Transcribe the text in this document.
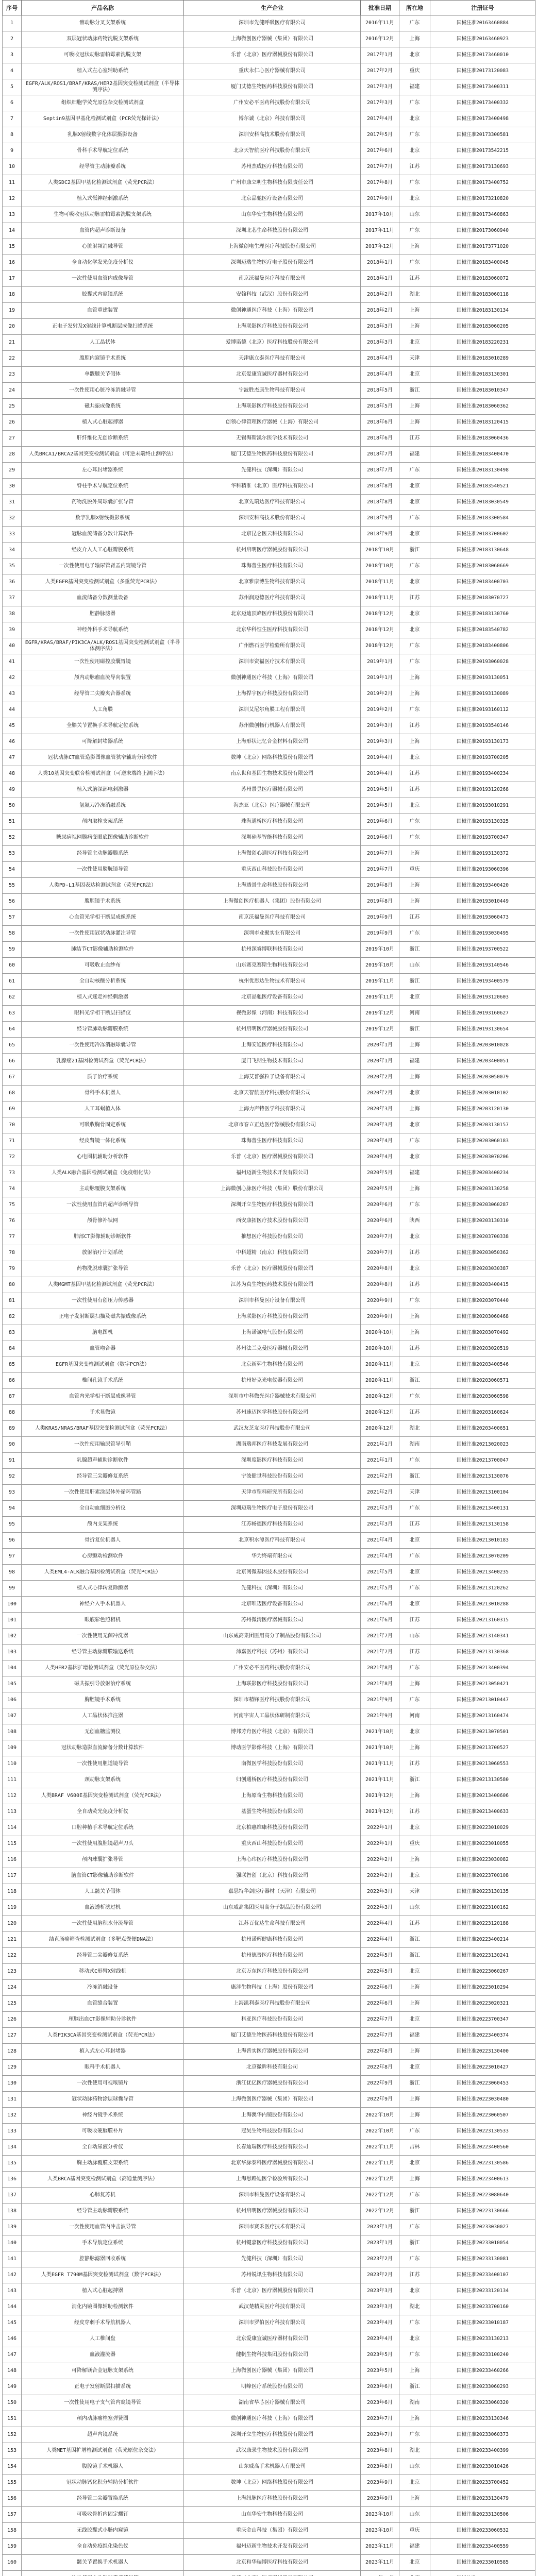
序号	产品名称	生产企业	批准日期	所在地	注册证号
1	髂动脉分叉支架系统	深圳市先健呼吸医疗有限公司	2016年11月	广东	国械注准20163460884
2	双层冠状动脉药物洗脱支架系统	上海微创医疗器械（集团）有限公司	2016年12月	上海	国械注准20163460923
3	可吸收冠状动脉雷帕霉素洗脱支架	乐普（北京）医疗器械股份有限公司	2017年1月	北京	国械注准20173460010
4	植入式左心室辅助系统	重庆永仁心医疗器械有限公司	2017年2月	重庆	国械注准20173120083
5	EGFR/ALK/ROS1/BRAF/KRAS/HER2基因突变检测试剂盒（半导体测序法）	厦门艾德生物医药科技股份有限公司	2017年3月	福建	国械注准20173400311
6	组织细胞学荧光原位杂交检测试剂盒	广州安必平医药科技股份有限公司	2017年3月	广东	国械注准20173400332
7	Septin9基因甲基化检测试剂盒（PCR荧光探针法）	博尔诚（北京）科技有限公司	2017年4月	北京	国械注准20173400498
8	乳腺X射线数字化体层摄影设备	深圳安科高技术股份有限公司	2017年5月	广东	国械注准20173300581
9	骨科手术导航定位系统	北京天智航医疗科技股份有限公司	2017年6月	北京	国械注准20173542215
10	经导管主动脉瓣系统	苏州杰成医疗科技有限公司	2017年7月	江苏	国械注准20173130693
11	人类SDC2基因甲基化检测试剂盒（荧光PCR法）	广州市康立明生物科技有限责任公司	2017年8月	广东	国械注准20173400752
12	植入式骶神经刺激系统	北京品驰医疗设备有限公司	2017年9月	北京	国械注准20173210820
13	生物可吸收冠状动脉雷帕霉素洗脱支架系统	山东华安生物科技有限公司	2017年10月	山东	国械注准20173460863
14	血管内超声诊断设备	深圳北芯生命科技股份有限公司	2017年11月	广东	国械注准20173060940
15	心脏射频消融导管	上海微创电生理医疗科技股份有限公司	2017年12月	上海	国械注准20173771020
16	全自动化学发光免疫分析仪	深圳迈瑞生物医疗电子股份有限公司	2018年1月	广东	国械注准20183400045
17	一次性使用血管内成像导管	南京沃福曼医疗科技有限公司	2018年1月	江苏	国械注准20183060072
18	胶囊式内窥镜系统	安翰科技（武汉）股份有限公司	2018年2月	湖北	国械注准20183060118
19	血管重建装置	微创神通医疗科技（上海）有限公司	2018年2月	上海	国械注准20183130134
20	正电子发射及X射线计算机断层成像扫描系统	上海联影医疗科技股份有限公司	2018年3月	上海	国械注准20183060205
21	人工晶状体	爱博诺德（北京）医疗科技股份有限公司	2018年3月	北京	国械注准20183220231
22	腹腔内窥镜手术系统	天津康立泰医疗科技有限公司	2018年4月	天津	国械注准20183010289
23	单髁膝关节假体	北京爱康宜诚医疗器材有限公司	2018年4月	北京	国械注准20183130301
24	一次性使用心脏冷冻消融导管	宁波胜杰康生物科技有限公司	2018年5月	浙江	国械注准20183010347
25	磁共振成像系统	上海联影医疗科技股份有限公司	2018年5月	上海	国械注准20183060362
26	植入式心脏起搏器	创领心律管理医疗器械（上海）有限公司	2018年6月	上海	国械注准20183120415
27	肝纤维化无创诊断系统	无锡海斯凯尔医学技术有限公司	2018年6月	江苏	国械注准20183060436
28	人类BRCA1/BRCA2基因突变检测试剂盒（可逆末端终止测序法）	厦门艾德生物医药科技股份有限公司	2018年7月	福建	国械注准20183400470
29	左心耳封堵器系统	先健科技（深圳）有限公司	2018年7月	广东	国械注准20183130498
30	脊柱手术导航定位系统	华科精准（北京）医疗科技有限公司	2018年8月	北京	国械注准20183540521
31	药物洗脱外周球囊扩张导管	北京先瑞达医疗科技有限公司	2018年8月	北京	国械注准20183030549
32	数字乳腺X射线摄影系统	深圳安科高技术股份有限公司	2018年9月	广东	国械注准20183300584
33	冠脉血流储备分数计算软件	北京昆仑医云科技有限公司	2018年9月	北京	国械注准20183700602
34	经皮介入人工心脏瓣膜系统	杭州启明医疗器械股份有限公司	2018年10月	浙江	国械注准20183130648
35	一次性使用电子输尿管肾盂内窥镜导管	珠海普生医疗科技有限公司	2018年10月	广东	国械注准20183060669
36	人类EGFR基因突变检测试剂盒（多重荧光PCR法）	北京雅康博生物科技有限公司	2018年11月	北京	国械注准20183400703
37	血流储备分数测量设备	苏州润迈德医疗科技有限公司	2018年11月	江苏	国械注准20183070727
38	腔静脉滤器	北京迈迪顶峰医疗科技股份有限公司	2018年12月	北京	国械注准20183130760
39	神经外科手术导航系统	北京华科恒生医疗科技有限公司	2018年12月	北京	国械注准20183540782
40	EGFR/KRAS/BRAF/PIK3CA/ALK/ROS1基因突变检测试剂盒（半导体测序法）	广州燃石医学检验所有限公司	2018年12月	广东	国械注准20183400806
41	一次性使用磁控胶囊胃镜	深圳市资福医疗技术有限公司	2019年1月	广东	国械注准20193060028
42	颅内动脉瘤血流导向装置	微创神通医疗科技（上海）有限公司	2019年1月	上海	国械注准20193130051
43	经导管二尖瓣夹合器系统	上海捍宇医疗科技股份有限公司	2019年2月	上海	国械注准20193130089
44	人工角膜	深圳艾尼尔角膜工程有限公司	2019年2月	广东	国械注准20193160112
45	全膝关节置换手术导航定位系统	苏州微创畅行机器人有限公司	2019年3月	江苏	国械注准20193540146
46	可降解封堵器系统	上海形状记忆合金材料有限公司	2019年3月	上海	国械注准20193130173
47	冠状动脉CT血管造影图像血管狭窄辅助分诊软件	数坤（北京）网络科技股份有限公司	2019年4月	北京	国械注准20193700205
48	人类10基因突变联合检测试剂盒（可逆末端终止测序法）	南京世和基因生物技术股份有限公司	2019年4月	江苏	国械注准20193400234
49	植入式脑深部电刺激器	苏州景昱医疗器械有限公司	2019年5月	江苏	国械注准20193120268
50	氩氦刀冷冻消融系统	海杰亚（北京）医疗器械有限公司	2019年5月	北京	国械注准20193010291
51	颅内取栓支架系统	珠海通桥医疗科技有限公司	2019年6月	广东	国械注准20193130325
52	糖尿病视网膜病变眼底图像辅助诊断软件	深圳硅基智能科技有限公司	2019年6月	广东	国械注准20193700347
53	经导管主动脉瓣膜系统	上海微创心通医疗科技有限公司	2019年7月	上海	国械注准20193130372
54	一次性使用膀胱镜导管	重庆西山科技股份有限公司	2019年7月	重庆	国械注准20193060396
55	人类PD-L1基因表达检测试剂盒（荧光PCR法）	上海透景生命科技股份有限公司	2019年8月	上海	国械注准20193400420
56	腹腔镜手术系统	上海微创医疗机器人（集团）股份有限公司	2019年8月	上海	国械注准20193010449
57	心血管光学相干断层成像系统	南京沃福曼医疗科技有限公司	2019年9月	江苏	国械注准20193060473
58	一次性使用冠状动脉灌注导管	深圳市业聚实业有限公司	2019年9月	广东	国械注准20193030495
59	肺结节CT影像辅助检测软件	杭州深睿博联科技有限公司	2019年10月	浙江	国械注准20193700522
60	可吸收止血纱布	山东赛克赛斯生物科技有限公司	2019年10月	山东	国械注准20193140546
61	全自动核酸分析系统	杭州优思达生物技术有限公司	2019年11月	浙江	国械注准20193400579
62	植入式迷走神经刺激器	北京品驰医疗设备有限公司	2019年11月	北京	国械注准20193120603
63	眼科光学相干断层扫描仪	视微影像（河南）科技有限公司	2019年12月	河南	国械注准20193160627
64	经导管肺动脉瓣膜系统	杭州启明医疗器械股份有限公司	2019年12月	浙江	国械注准20193130654
65	一次性使用冷冻消融球囊导管	上海安通医疗科技有限公司	2020年1月	上海	国械注准20203010028
66	乳腺癌21基因检测试剂盒（荧光PCR法）	厦门飞朔生物技术有限公司	2020年1月	福建	国械注准20203400051
67	质子治疗系统	上海艾普强粒子设备有限公司	2020年2月	上海	国械注准20203050079
68	骨科手术机器人	北京天智航医疗科技股份有限公司	2020年2月	北京	国械注准20203010102
69	人工耳蜗植入体	上海力声特医学科技有限公司	2020年3月	上海	国械注准20203120130
70	可吸收胸骨固定系统	北京市春立正达医疗器械股份有限公司	2020年3月	北京	国械注准20203130157
71	经皮肾镜一体化系统	珠海普生医疗科技有限公司	2020年4月	广东	国械注准20203060183
72	心电图机辅助分析软件	乐普（北京）医疗器械股份有限公司	2020年4月	北京	国械注准20203070206
73	人类ALK融合基因检测试剂盒（免疫组化法）	福州迈新生物技术开发有限公司	2020年5月	福建	国械注准20203400234
74	主动脉覆膜支架系统	上海微创心脉医疗科技（集团）股份有限公司	2020年5月	上海	国械注准20203130258
75	一次性使用血管内超声诊断导管	深圳开立生物医疗科技股份有限公司	2020年6月	广东	国械注准20203060287
76	颅骨修补钛网	西安康拓医疗技术股份有限公司	2020年6月	陕西	国械注准20203130310
77	肺部CT影像辅助诊断软件	推想医疗科技股份有限公司	2020年7月	北京	国械注准20203700338
78	放射治疗计划系统	中科超精（南京）科技有限公司	2020年7月	江苏	国械注准20203050362
79	药物洗脱球囊扩张导管	乐普（北京）医疗器械股份有限公司	2020年8月	北京	国械注准20203030387
80	人类MGMT基因甲基化检测试剂盒（荧光PCR法）	江苏为真生物医药技术股份有限公司	2020年8月	江苏	国械注准20203400415
81	一次性使用有创压力传感器	深圳市科曼医疗设备有限公司	2020年9月	广东	国械注准20203070440
82	正电子发射断层扫描及磁共振成像系统	上海联影医疗科技股份有限公司	2020年9月	上海	国械注准20203060468
83	脑电图机	上海诺诚电气股份有限公司	2020年10月	上海	国械注准20203070492
84	血管吻合器	苏州法兰克曼医疗器械有限公司	2020年10月	江苏	国械注准20203020519
85	EGFR基因突变检测试剂盒（数字PCR法）	北京新羿生物科技有限公司	2020年11月	北京	国械注准20203400546
86	椎间孔镜手术系统	杭州好克光电仪器有限公司	2020年11月	浙江	国械注准20203060571
87	血管内光学相干断层成像导管	深圳市中科微光医疗器械技术有限公司	2020年12月	广东	国械注准20203060598
88	手术显微镜	苏州速迈医学科技股份有限公司	2020年12月	江苏	国械注准20203160624
89	人类KRAS/NRAS/BRAF基因突变检测试剂盒（荧光PCR法）	武汉友芝友医疗科技股份有限公司	2020年12月	湖北	国械注准20203400651
90	一次性使用输尿管导引鞘	湖南瑞邦医疗科技发展有限公司	2021年1月	湖南	国械注准20213020023
91	乳腺超声辅助诊断软件	深圳度影医疗科技有限公司	2021年1月	广东	国械注准20213700047
92	经导管三尖瓣修复系统	宁波健世科技股份有限公司	2021年2月	浙江	国械注准20213130076
93	一次性使用肝素涂层体外循环管路	天津市塑料研究所有限公司	2021年2月	天津	国械注准20213100104
94	全自动血细胞分析仪	深圳迈瑞生物医疗电子股份有限公司	2021年3月	广东	国械注准20213400131
95	颅内支架系统	江苏畅德医疗科技有限公司	2021年3月	江苏	国械注准20213130158
96	骨折复位机器人	北京积水潭医疗科技有限公司	2021年4月	北京	国械注准20213010183
97	心房颤动检测软件	华为终端有限公司	2021年4月	广东	国械注准20213070209
98	人类EML4-ALK融合基因检测试剂盒（荧光PCR法）	北京阅微基因技术股份有限公司	2021年5月	北京	国械注准20213400235
99	植入式心律转复除颤器	先健科技（深圳）有限公司	2021年5月	广东	国械注准20213120262
100	神经介入手术机器人	北京唯迈医疗设备有限公司	2021年6月	北京	国械注准20213010288
101	眼底彩色照相机	苏州微清医疗器械有限公司	2021年6月	江苏	国械注准20213160315
102	一次性使用无菌冲洗器	山东威高集团医用高分子制品股份有限公司	2021年7月	山东	国械注准20213140341
103	经导管主动脉瓣膜输送系统	沛嘉医疗科技（苏州）有限公司	2021年7月	江苏	国械注准20213130368
104	人类HER2基因扩增检测试剂盒（荧光原位杂交法）	广州安必平医药科技股份有限公司	2021年8月	广东	国械注准20213400394
105	磁共振引导放射治疗系统	上海联影医疗科技股份有限公司	2021年8月	上海	国械注准20213050421
106	胸腔镜手术系统	深圳市精锋医疗科技股份有限公司	2021年9月	广东	国械注准20213010447
107	人工晶状体推注器	河南宇宙人工晶状体研制有限公司	2021年9月	河南	国械注准20213160474
108	无创血糖监测仪	博邦芳舟医疗科技（北京）有限公司	2021年10月	北京	国械注准20213070501
109	冠状动脉造影血流储备分数计算软件	博动医学影像科技（上海）有限公司	2021年10月	上海	国械注准20213700527
110	一次性使用胆道镜导管	南微医学科技股份有限公司	2021年11月	江苏	国械注准20213060553
111	颈动脉支架系统	归创通桥医疗科技股份有限公司	2021年11月	浙江	国械注准20213130580
112	人类BRAF V600E基因突变检测试剂盒（荧光PCR法）	上海原奇生物科技有限公司	2021年12月	上海	国械注准20213400606
113	全自动荧光免疫分析仪	基蛋生物科技股份有限公司	2021年12月	江苏	国械注准20213400633
114	口腔种植手术导航定位系统	北京柏惠维康科技股份有限公司	2022年1月	北京	国械注准20223010029
115	一次性使用腹腔镜超声刀头	重庆西山科技股份有限公司	2022年1月	重庆	国械注准20223010055
116	颅内球囊扩张导管	上海心玮医疗科技股份有限公司	2022年2月	上海	国械注准20223030082
117	脑血管CT影像辅助诊断软件	强联智创（北京）科技有限公司	2022年2月	北京	国械注准20223700108
118	人工髋关节假体	嘉思特华剑医疗器材（天津）有限公司	2022年3月	天津	国械注准20223130135
119	血液透析滤过机	山东威高集团医用高分子制品股份有限公司	2022年3月	山东	国械注准20223100162
120	一次性使用脑积水分流导管	江苏百优达生命科技有限公司	2022年4月	江苏	国械注准20223120188
121	结直肠癌筛查检测试剂盒（多靶点粪便DNA法）	杭州诺辉健康科技有限公司	2022年4月	浙江	国械注准20223400214
122	经导管二尖瓣修复系统	杭州德晋医疗科技有限公司	2022年5月	浙江	国械注准20223130241
123	移动式C形臂X射线机	北京万东医疗科技股份有限公司	2022年5月	北京	国械注准20223060267
124	冷冻消融设备	康沣生物科技（上海）股份有限公司	2022年6月	上海	国械注准20223010294
125	血管缝合装置	上海凯利泰医疗科技股份有限公司	2022年6月	上海	国械注准20223020321
126	颅脑出血CT影像辅助分诊软件	科亚医疗科技股份有限公司	2022年7月	北京	国械注准20223700347
127	人类PIK3CA基因突变检测试剂盒（荧光PCR法）	厦门艾德生物医药科技股份有限公司	2022年7月	福建	国械注准20223400374
128	植入式左心耳封堵器	上海普实医疗器械股份有限公司	2022年8月	上海	国械注准20223130400
129	眼科手术机器人	北京微眸科技有限公司	2022年8月	北京	国械注准20223010427
130	一次性使用可视喉镜片	浙江优亿医疗器械股份有限公司	2022年9月	浙江	国械注准20223060453
131	冠状动脉药物涂层球囊导管	上海微创医疗器械（集团）有限公司	2022年9月	上海	国械注准20223030480
132	神经内镜手术系统	上海澳华内镜股份有限公司	2022年10月	上海	国械注准20223060507
133	可吸收硬脑膜补片	冠昊生物科技股份有限公司	2022年10月	广东	国械注准20223130533
134	全自动尿液分析仪	长春迪瑞医疗科技股份有限公司	2022年11月	吉林	国械注准20223400560
135	胸主动脉覆膜支架系统	北京华脉泰科医疗器械股份有限公司	2022年11月	北京	国械注准20223130586
136	人类BRCA基因突变检测试剂盒（高通量测序法）	上海思路迪医学检验所有限公司	2022年12月	上海	国械注准20223400613
137	心肺复苏机	深圳市科曼医疗设备有限公司	2022年12月	广东	国械注准20223080640
138	经导管主动脉瓣膜系统	杭州启明医疗器械股份有限公司	2022年12月	浙江	国械注准20223130666
139	一次性使用血管内冲击波导管	深圳市赛禾医疗技术有限公司	2023年1月	广东	国械注准20233030027
140	手术导航定位系统	杭州键嘉医疗科技股份有限公司	2023年1月	浙江	国械注准20233010054
141	腔静脉滤器回收系统	先健科技（深圳）有限公司	2023年2月	广东	国械注准20233130081
142	人类EGFR T790M基因突变检测试剂盒（数字PCR法）	苏州锐讯生物科技有限公司	2023年2月	江苏	国械注准20233400107
143	植入式心脏起搏器	乐普（北京）医疗器械股份有限公司	2023年3月	北京	国械注准20233120134
144	消化内镜图像辅助检测软件	武汉楚精灵医疗科技有限公司	2023年3月	湖北	国械注准20233700160
145	经皮穿刺手术导航机器人	深圳市罗伯医疗科技有限公司	2023年4月	广东	国械注准20233010187
146	人工椎间盘	北京爱康宜诚医疗器材有限公司	2023年4月	北京	国械注准20233130213
147	血液灌流器	健帆生物科技集团股份有限公司	2023年5月	广东	国械注准20233100240
148	可降解镁合金冠脉支架系统	上海微创医疗器械（集团）有限公司	2023年5月	上海	国械注准20233460266
149	正电子发射断层扫描系统	明峰医疗系统股份有限公司	2023年6月	浙江	国械注准20233060293
150	一次性使用电子支气管内窥镜导管	湖南省华芯医疗器械有限公司	2023年6月	湖南	国械注准20233060320
151	颅内动脉瘤栓塞弹簧圈	微创神通医疗科技（上海）有限公司	2023年7月	上海	国械注准20233130346
152	超声内镜系统	深圳开立生物医疗科技股份有限公司	2023年7月	广东	国械注准20233060373
153	人类MET基因扩增检测试剂盒（荧光原位杂交法）	武汉康录生物技术股份有限公司	2023年8月	湖北	国械注准20233400399
154	腹腔镜手术机器人	山东威高手术机器人有限公司	2023年8月	山东	国械注准20233010426
155	冠状动脉钙化积分辅助分析软件	数坤（北京）网络科技股份有限公司	2023年9月	北京	国械注准20233700452
156	经导管二尖瓣置换系统	上海纽脉医疗科技股份有限公司	2023年9月	上海	国械注准20233130479
157	可吸收骨折内固定螺钉	山东华安生物科技有限公司	2023年10月	山东	国械注准20233130506
158	无线胶囊式小肠内窥镜	重庆金山科技（集团）有限公司	2023年10月	重庆	国械注准20233060532
159	全自动免疫组化染色仪	福州迈新生物技术开发有限公司	2023年11月	福建	国械注准20233400559
160	髋关节置换手术机器人	北京和华瑞博医疗科技有限公司	2023年11月	北京	国械注准20233010585
